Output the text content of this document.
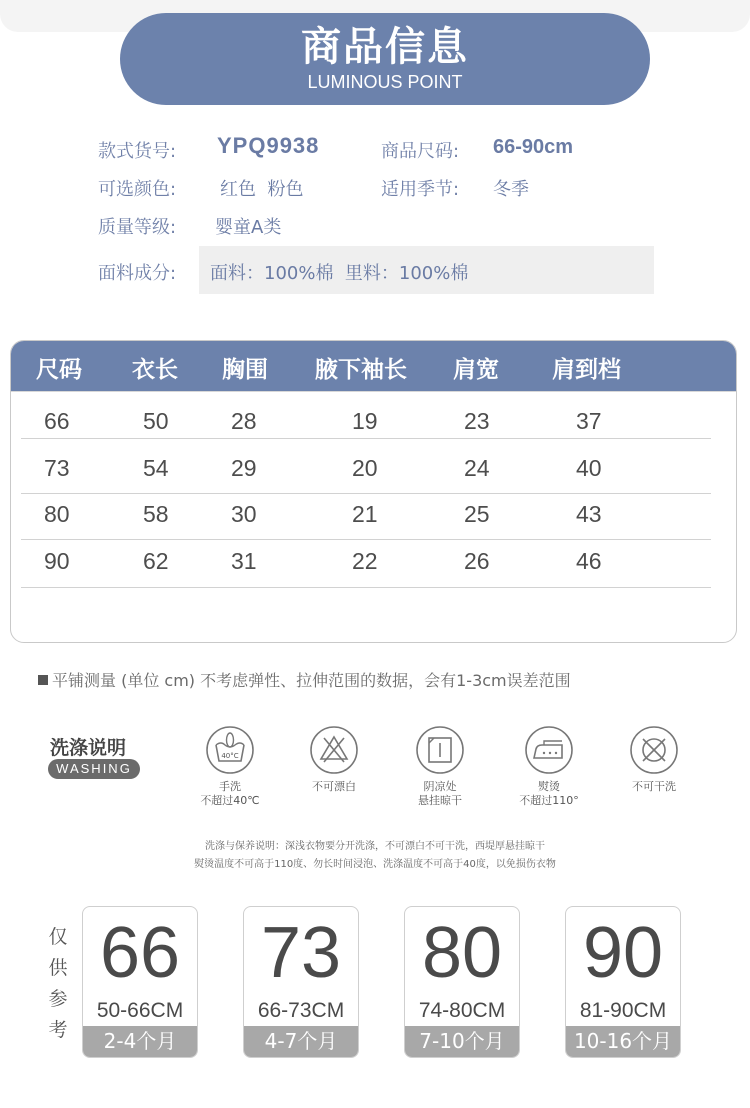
商品信息
LUMINOUS POINT
款式货号: YPQ9938	商品尺码: 66-90cm
可选颜色: 红色  粉色	适用季节: 冬季
质量等级: 婴童A类
面料成分: 面料：100%棉  里料：100%棉
尺码 衣长 胸围 腋下袖长 肩宽 肩到档
66	50	28	19	23	37
73	54	29	20	24	40
80	58	30	21	25	43
90	62	31	22	26	46
平铺测量 (单位 cm) 不考虑弹性、拉伸范围的数据，会有1-3cm误差范围
洗涤说明
WASHING
40°C
手洗
不超过40℃
不可漂白	阴凉处
悬挂晾干
熨烫
不超过110°
不可干洗
洗涤与保养说明：深浅衣物要分开洗涤，不可漂白不可干洗，西堤厚悬挂晾干
熨烫温度不可高于110度、勿长时间浸泡、洗涤温度不可高于40度，以免损伤衣物
仅
供
参
考
66
50-66CM
2-4个月
73
66-73CM
4-7个月
80
74-80CM
7-10个月
90
81-90CM
10-16个月
